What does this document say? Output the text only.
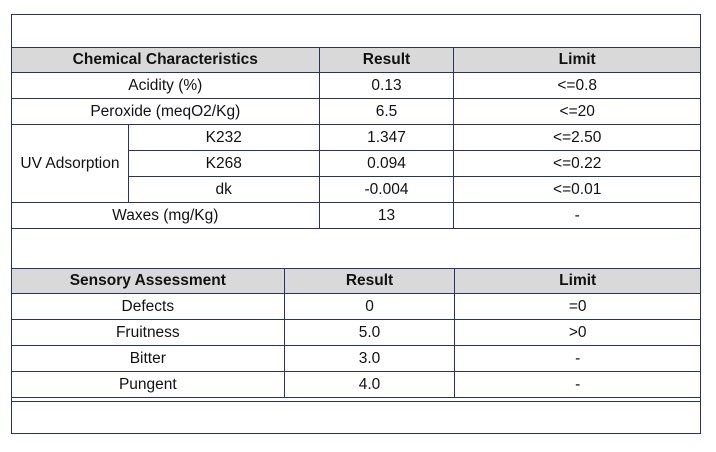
Chemical Characteristics		Result	Limit
Acidity (%)		0.13	<=0.8
Peroxide (meqO2/Kg)		6.5	<=20
UV Adsorption	K232	1.347	<=2.50
	K268	0.094	<=0.22
	dk	-0.004	<=0.01
Waxes (mg/Kg)		13	-
Sensory Assessment	Result	Limit
Defects	0	=0
Fruitness	5.0	>0
Bitter	3.0	-
Pungent	4.0	-
